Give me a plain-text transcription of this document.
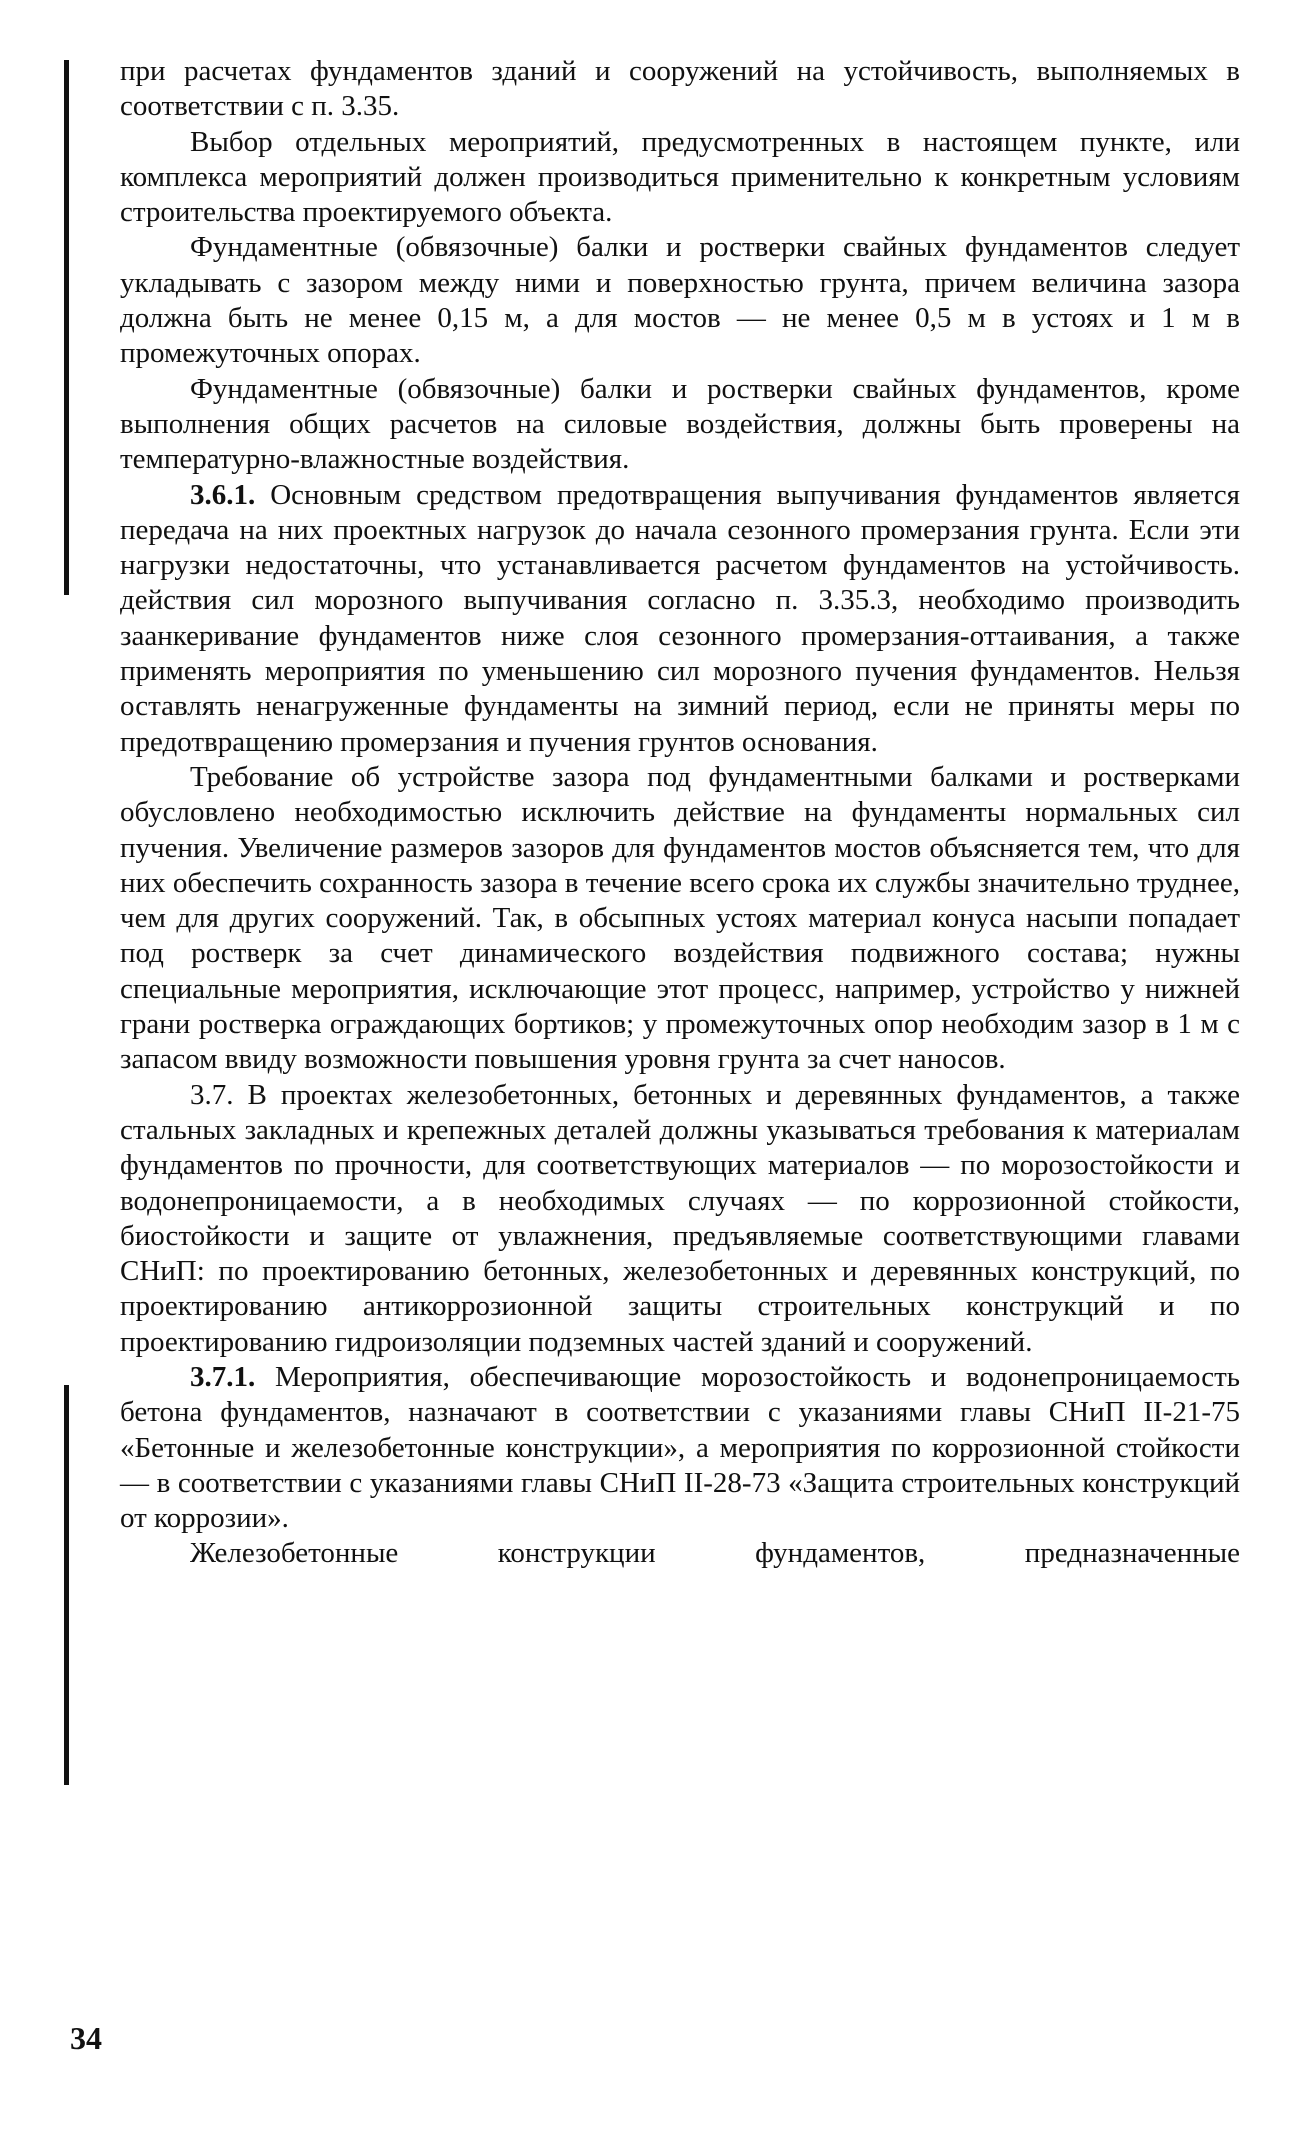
при расчетах фундаментов зданий и сооружений на устойчивость, выполняемых в соответствии с п. 3.35.

Выбор отдельных мероприятий, предусмотренных в настоящем пункте, или комплекса мероприятий должен производиться применительно к конкретным условиям строительства проектируемого объекта.

Фундаментные (обвязочные) балки и ростверки свайных фундаментов следует укладывать с зазором между ними и поверхностью грунта, причем величина зазора должна быть не менее 0,15 м, а для мостов — не менее 0,5 м в устоях и 1 м в промежуточных опорах.

Фундаментные (обвязочные) балки и ростверки свайных фундаментов, кроме выполнения общих расчетов на силовые воздействия, должны быть проверены на температурно-влажностные воздействия.

3.6.1. Основным средством предотвращения выпучивания фундаментов является передача на них проектных нагрузок до начала сезонного промерзания грунта. Если эти нагрузки недостаточны, что устанавливается расчетом фундаментов на устойчивость. действия сил морозного выпучивания согласно п. 3.35.3, необходимо производить заанкеривание фундаментов ниже слоя сезонного промерзания-оттаивания, а также применять мероприятия по уменьшению сил морозного пучения фундаментов. Нельзя оставлять ненагруженные фундаменты на зимний период, если не приняты меры по предотвращению промерзания и пучения грунтов основания.

Требование об устройстве зазора под фундаментными балками и ростверками обусловлено необходимостью исключить действие на фундаменты нормальных сил пучения. Увеличение размеров зазоров для фундаментов мостов объясняется тем, что для них обеспечить сохранность зазора в течение всего срока их службы значительно труднее, чем для других сооружений. Так, в обсыпных устоях материал конуса насыпи попадает под ростверк за счет динамического воздействия подвижного состава; нужны специальные мероприятия, исключающие этот процесс, например, устройство у нижней грани ростверка ограждающих бортиков; у промежуточных опор необходим зазор в 1 м с запасом ввиду возможности повышения уровня грунта за счет наносов.

3.7. В проектах железобетонных, бетонных и деревянных фундаментов, а также стальных закладных и крепежных деталей должны указываться требования к материалам фундаментов по прочности, для соответствующих материалов — по морозостойкости и водонепроницаемости, а в необходимых случаях — по коррозионной стойкости, биостойкости и защите от увлажнения, предъявляемые соответствующими главами СНиП: по проектированию бетонных, железобетонных и деревянных конструкций, по проектированию антикоррозионной защиты строительных конструкций и по проектированию гидроизоляции подземных частей зданий и сооружений.

3.7.1. Мероприятия, обеспечивающие морозостойкость и водонепроницаемость бетона фундаментов, назначают в соответствии с указаниями главы СНиП II-21-75 «Бетонные и железобетонные конструкции», а мероприятия по коррозионной стойкости — в соответствии с указаниями главы СНиП II-28-73 «Защита строительных конструкций от коррозии».

Железобетонные конструкции фундаментов, предназначенные

34
